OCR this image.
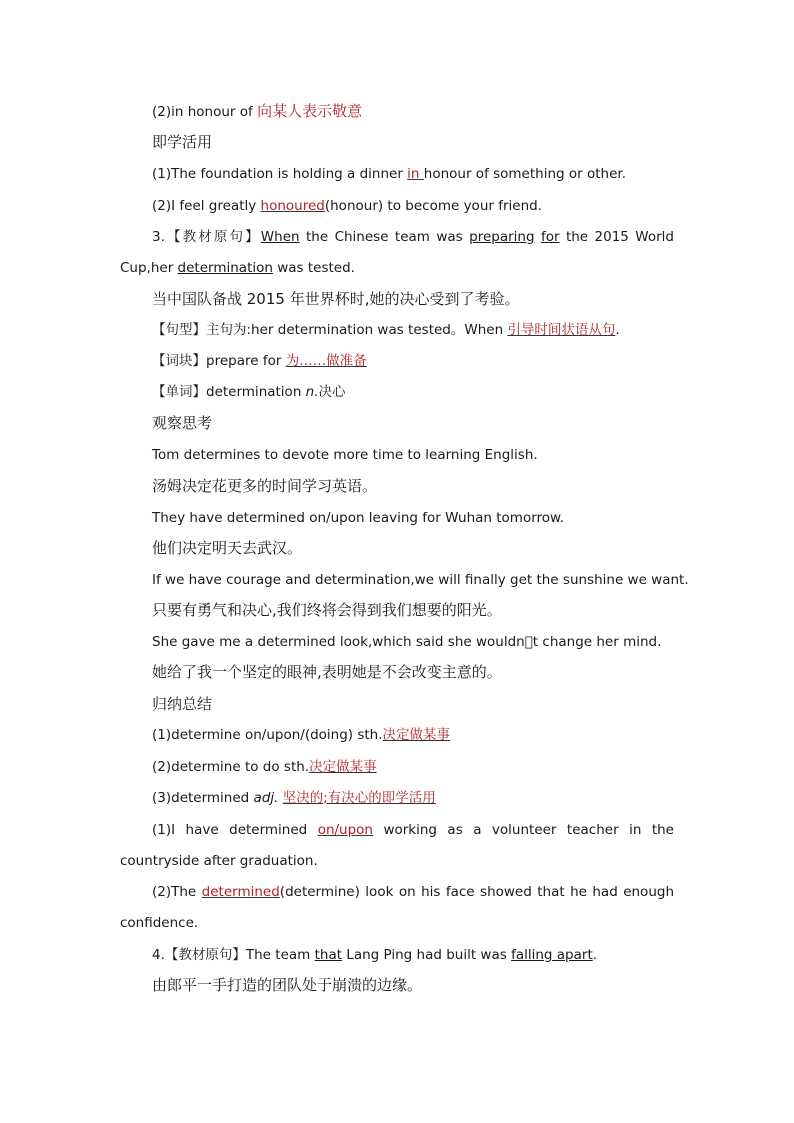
(2)in honour of 向某人表示敬意
即学活用
(1)The foundation is holding a dinner in honour of something or other.
(2)I feel greatly honoured(honour) to become your friend.
3.【教材原句】When the Chinese team was preparing for the 2015 World
Cup,her determination was tested.
当中国队备战 2015 年世界杯时,她的决心受到了考验。
【句型】主句为:her determination was tested。When 引导时间状语从句.
【词块】prepare for 为……做准备
【单词】determination n.决心
观察思考
Tom determines to devote more time to learning English.
汤姆决定花更多的时间学习英语。
They have determined on/upon leaving for Wuhan tomorrow.
他们决定明天去武汉。
If we have courage and determination,we will finally get the sunshine we want.
只要有勇气和决心,我们终将会得到我们想要的阳光。
She gave me a determined look,which said she wouldn t change her mind.
她给了我一个坚定的眼神,表明她是不会改变主意的。
归纳总结
(1)determine on/upon/(doing) sth.决定做某事
(2)determine to do sth.决定做某事
(3)determined adj. 坚决的;有决心的即学活用
(1)I have determined on/upon working as a volunteer teacher in the
countryside after graduation.
(2)The determined(determine) look on his face showed that he had enough
confidence.
4.【教材原句】The team that Lang Ping had built was falling apart.
由郎平一手打造的团队处于崩溃的边缘。
